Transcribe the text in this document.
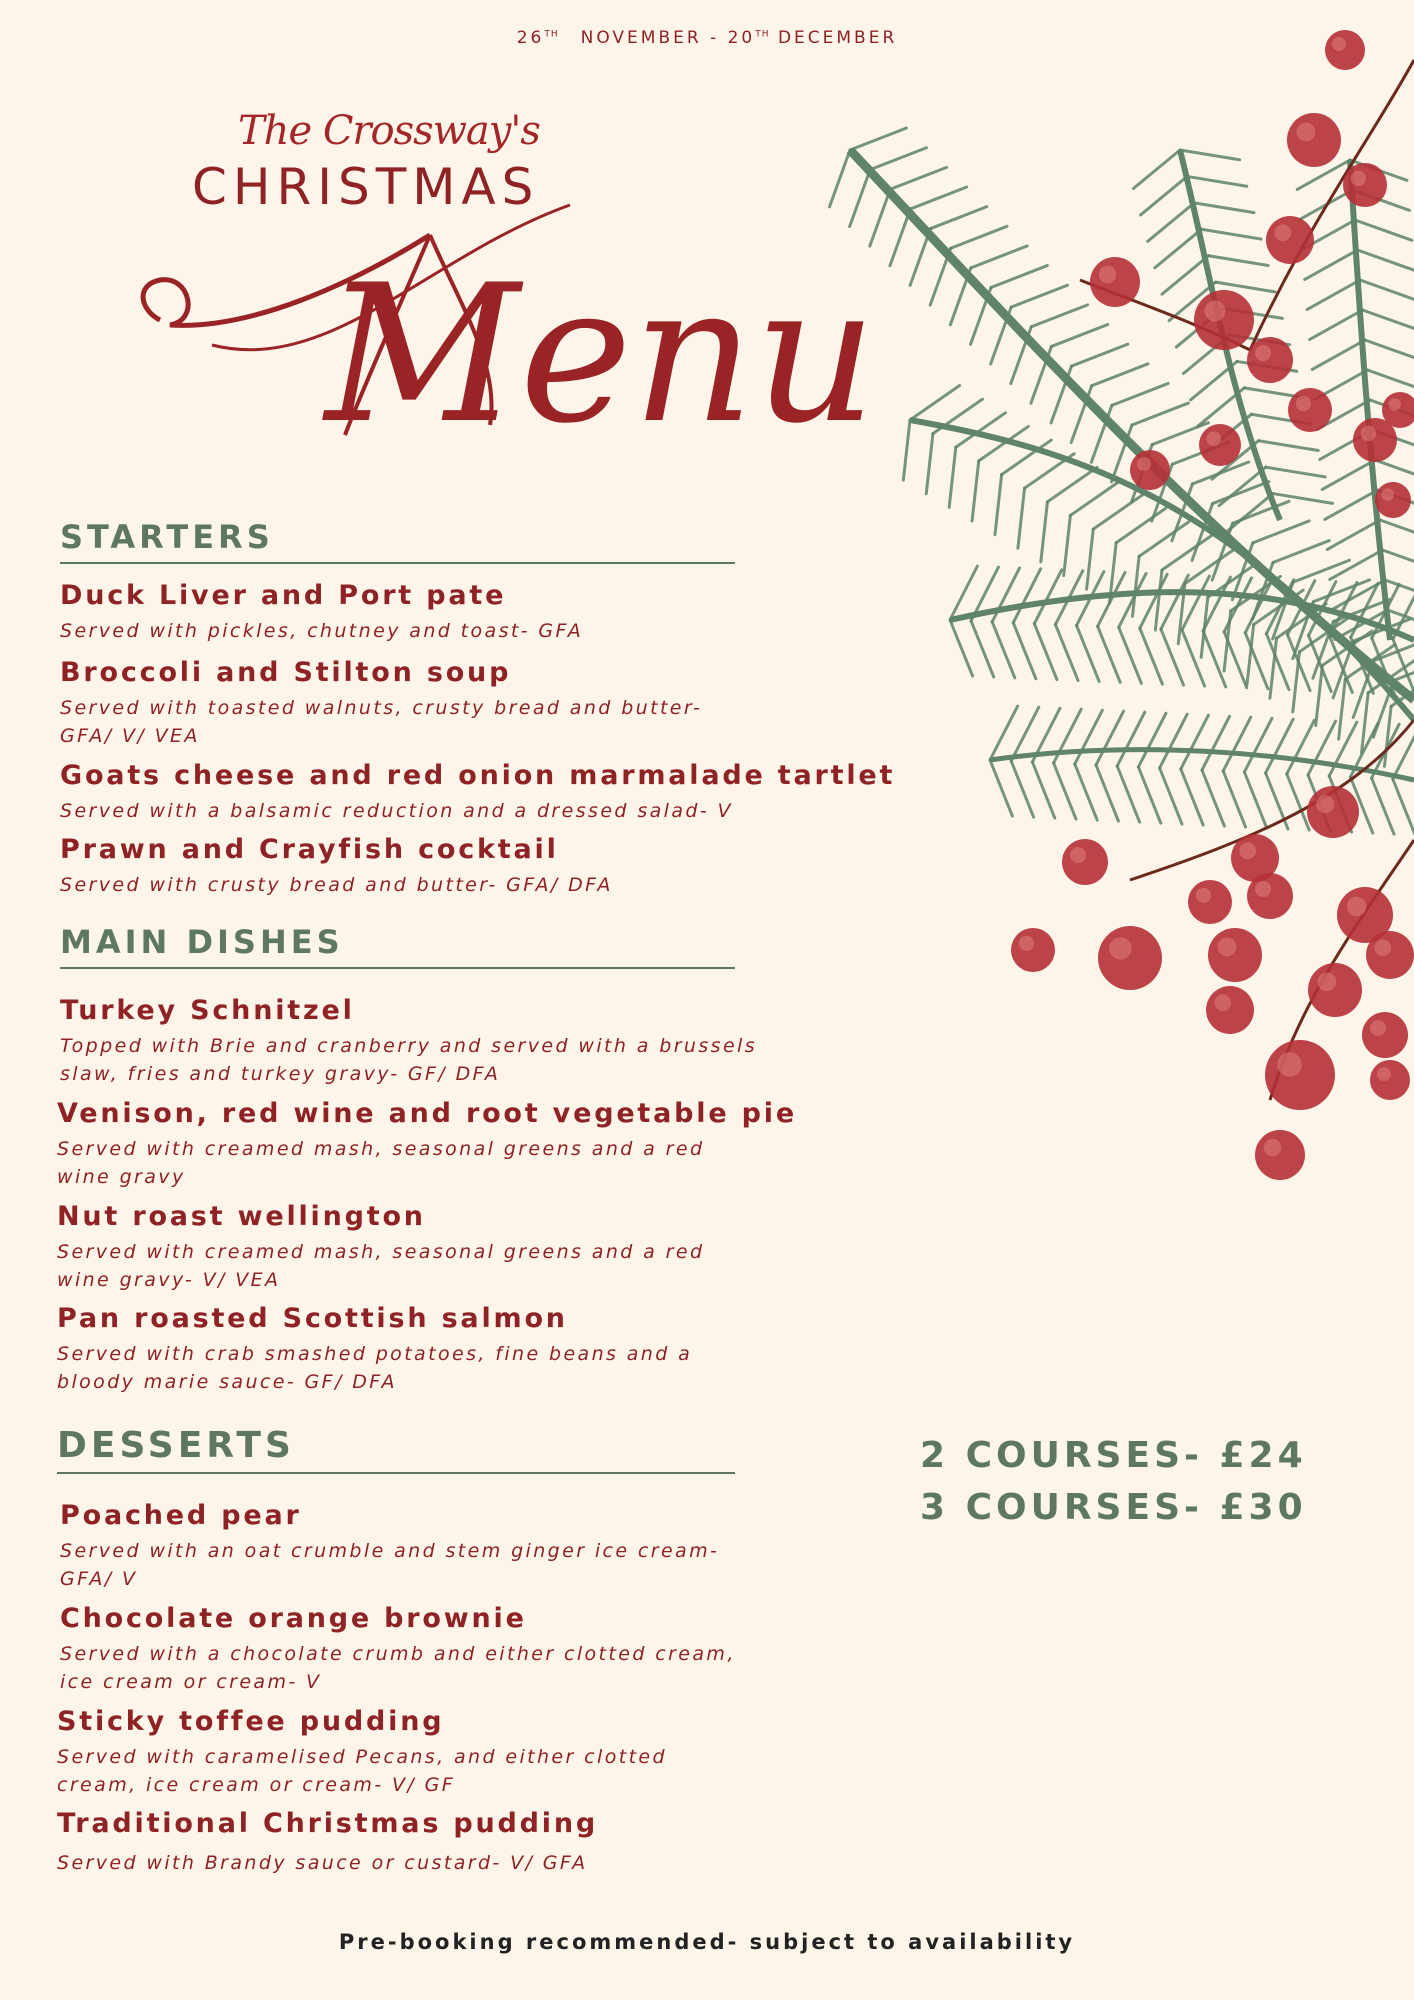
26TH NOVEMBER - 20TH DECEMBER
The Crossway's
CHRISTMAS
Menu
STARTERS
Duck Liver and Port pate
Served with pickles, chutney and toast- GFA
Broccoli and Stilton soup
Served with toasted walnuts, crusty bread and butter-
GFA/ V/ VEA
Goats cheese and red onion marmalade tartlet
Served with a balsamic reduction and a dressed salad- V
Prawn and Crayfish cocktail
Served with crusty bread and butter- GFA/ DFA
MAIN DISHES
Turkey Schnitzel
Topped with Brie and cranberry and served with a brussels
slaw, fries and turkey gravy- GF/ DFA
Venison, red wine and root vegetable pie
Served with creamed mash, seasonal greens and a red
wine gravy
Nut roast wellington
Served with creamed mash, seasonal greens and a red
wine gravy- V/ VEA
Pan roasted Scottish salmon
Served with crab smashed potatoes, fine beans and a
bloody marie sauce- GF/ DFA
DESSERTS
Poached pear
Served with an oat crumble and stem ginger ice cream-
GFA/ V
Chocolate orange brownie
Served with a chocolate crumb and either clotted cream,
ice cream or cream- V
Sticky toffee pudding
Served with caramelised Pecans, and either clotted
cream, ice cream or cream- V/ GF
Traditional Christmas pudding
Served with Brandy sauce or custard- V/ GFA
2 COURSES- £24
3 COURSES- £30
Pre-booking recommended- subject to availability
